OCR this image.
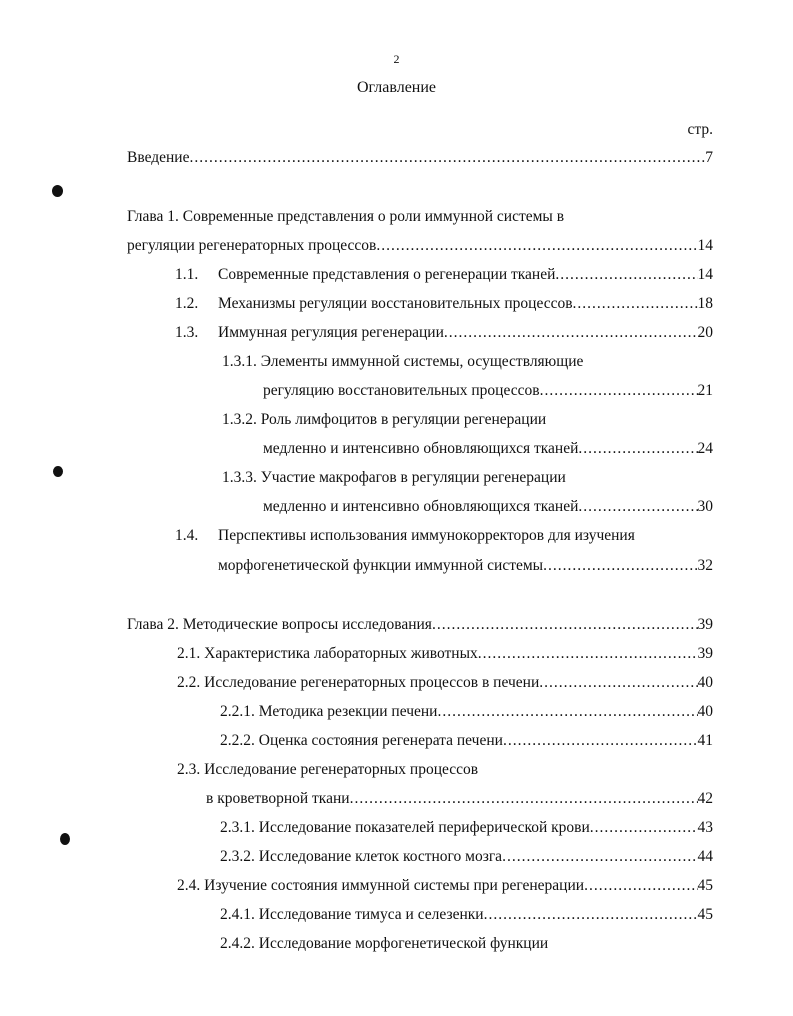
2
Оглавление
стр.
Введение .....	7
Глава 1. Современные представления о роли иммунной системы в
регуляции регенераторных процессов .....	14
1.1. Современные представления о регенерации тканей .....	14
1.2. Механизмы регуляции восстановительных процессов .....	18
1.3. Иммунная регуляция регенерации .....	20
1.3.1. Элементы иммунной системы, осуществляющие
регуляцию восстановительных процессов .....	21
1.3.2. Роль лимфоцитов в регуляции регенерации
медленно и интенсивно обновляющихся тканей .....	24
1.3.3. Участие макрофагов в регуляции регенерации
медленно и интенсивно обновляющихся тканей .....	30
1.4. Перспективы использования иммунокорректоров для изучения
морфогенетической функции иммунной системы .....	32
Глава 2. Методические вопросы исследования .....	39
2.1. Характеристика лабораторных животных .....	39
2.2. Исследование регенераторных процессов в печени .....	40
2.2.1. Методика резекции печени .....	40
2.2.2. Оценка состояния регенерата печени .....	41
2.3. Исследование регенераторных процессов
в кроветворной ткани .....	42
2.3.1. Исследование показателей периферической крови .....	43
2.3.2. Исследование клеток костного мозга .....	44
2.4. Изучение состояния иммунной системы при регенерации .....	45
2.4.1. Исследование тимуса и селезенки .....	45
2.4.2. Исследование морфогенетической функции
